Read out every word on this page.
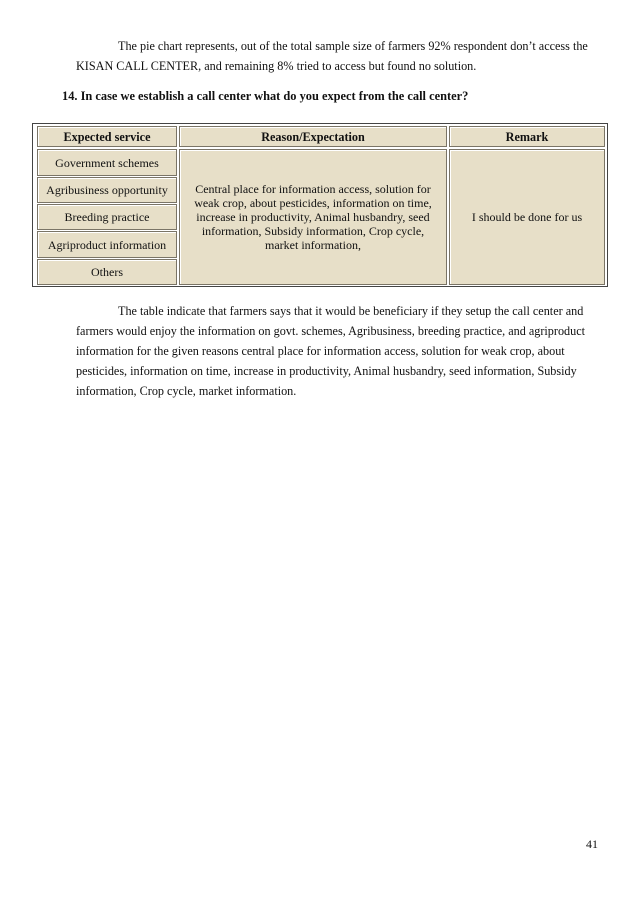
The pie chart represents, out of the total sample size of farmers 92% respondent don’t access the KISAN CALL CENTER, and remaining 8% tried to access but found no solution.

14. In case we establish a call center what do you expect from the call center?

Expected service	Reason/Expectation	Remark
Government schemes
Agribusiness opportunity
Breeding practice
Agriproduct information
Others
Central place for information access, solution for weak crop, about pesticides, information on time, increase in productivity, Animal husbandry, seed information, Subsidy information, Crop cycle, market information,
I should be done for us

The table indicate that farmers says that it would be beneficiary if they setup the call center and farmers would enjoy the information on govt. schemes, Agribusiness, breeding practice, and agriproduct information for the given reasons central place for information access, solution for weak crop, about pesticides, information on time, increase in productivity, Animal husbandry, seed information, Subsidy information, Crop cycle, market information.

41
